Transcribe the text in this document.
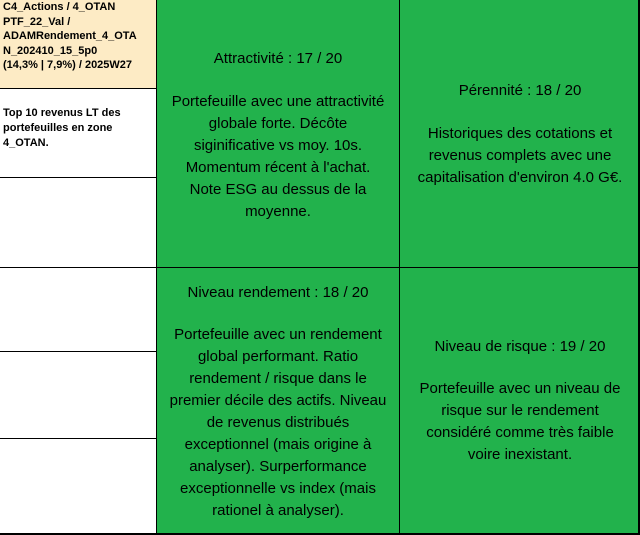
C4_Actions / 4_OTAN
PTF_22_Val /
ADAMRendement_4_OTA
N_202410_15_5p0
(14,3% | 7,9%) / 2025W27
Top 10 revenus LT des
portefeuilles en zone
4_OTAN.
Attractivité : 17 / 20
Portefeuille avec une attractivité
globale forte. Décôte
siginificative vs moy. 10s.
Momentum récent à l'achat.
Note ESG au dessus de la
moyenne.
Pérennité : 18 / 20
Historiques des cotations et
revenus complets avec une
capitalisation d'environ 4.0 G€.
Niveau rendement : 18 / 20
Portefeuille avec un rendement
global performant. Ratio
rendement / risque dans le
premier décile des actifs. Niveau
de revenus distribués
exceptionnel (mais origine à
analyser). Surperformance
exceptionnelle vs index (mais
rationel à analyser).
Niveau de risque : 19 / 20
Portefeuille avec un niveau de
risque sur le rendement
considéré comme très faible
voire inexistant.
